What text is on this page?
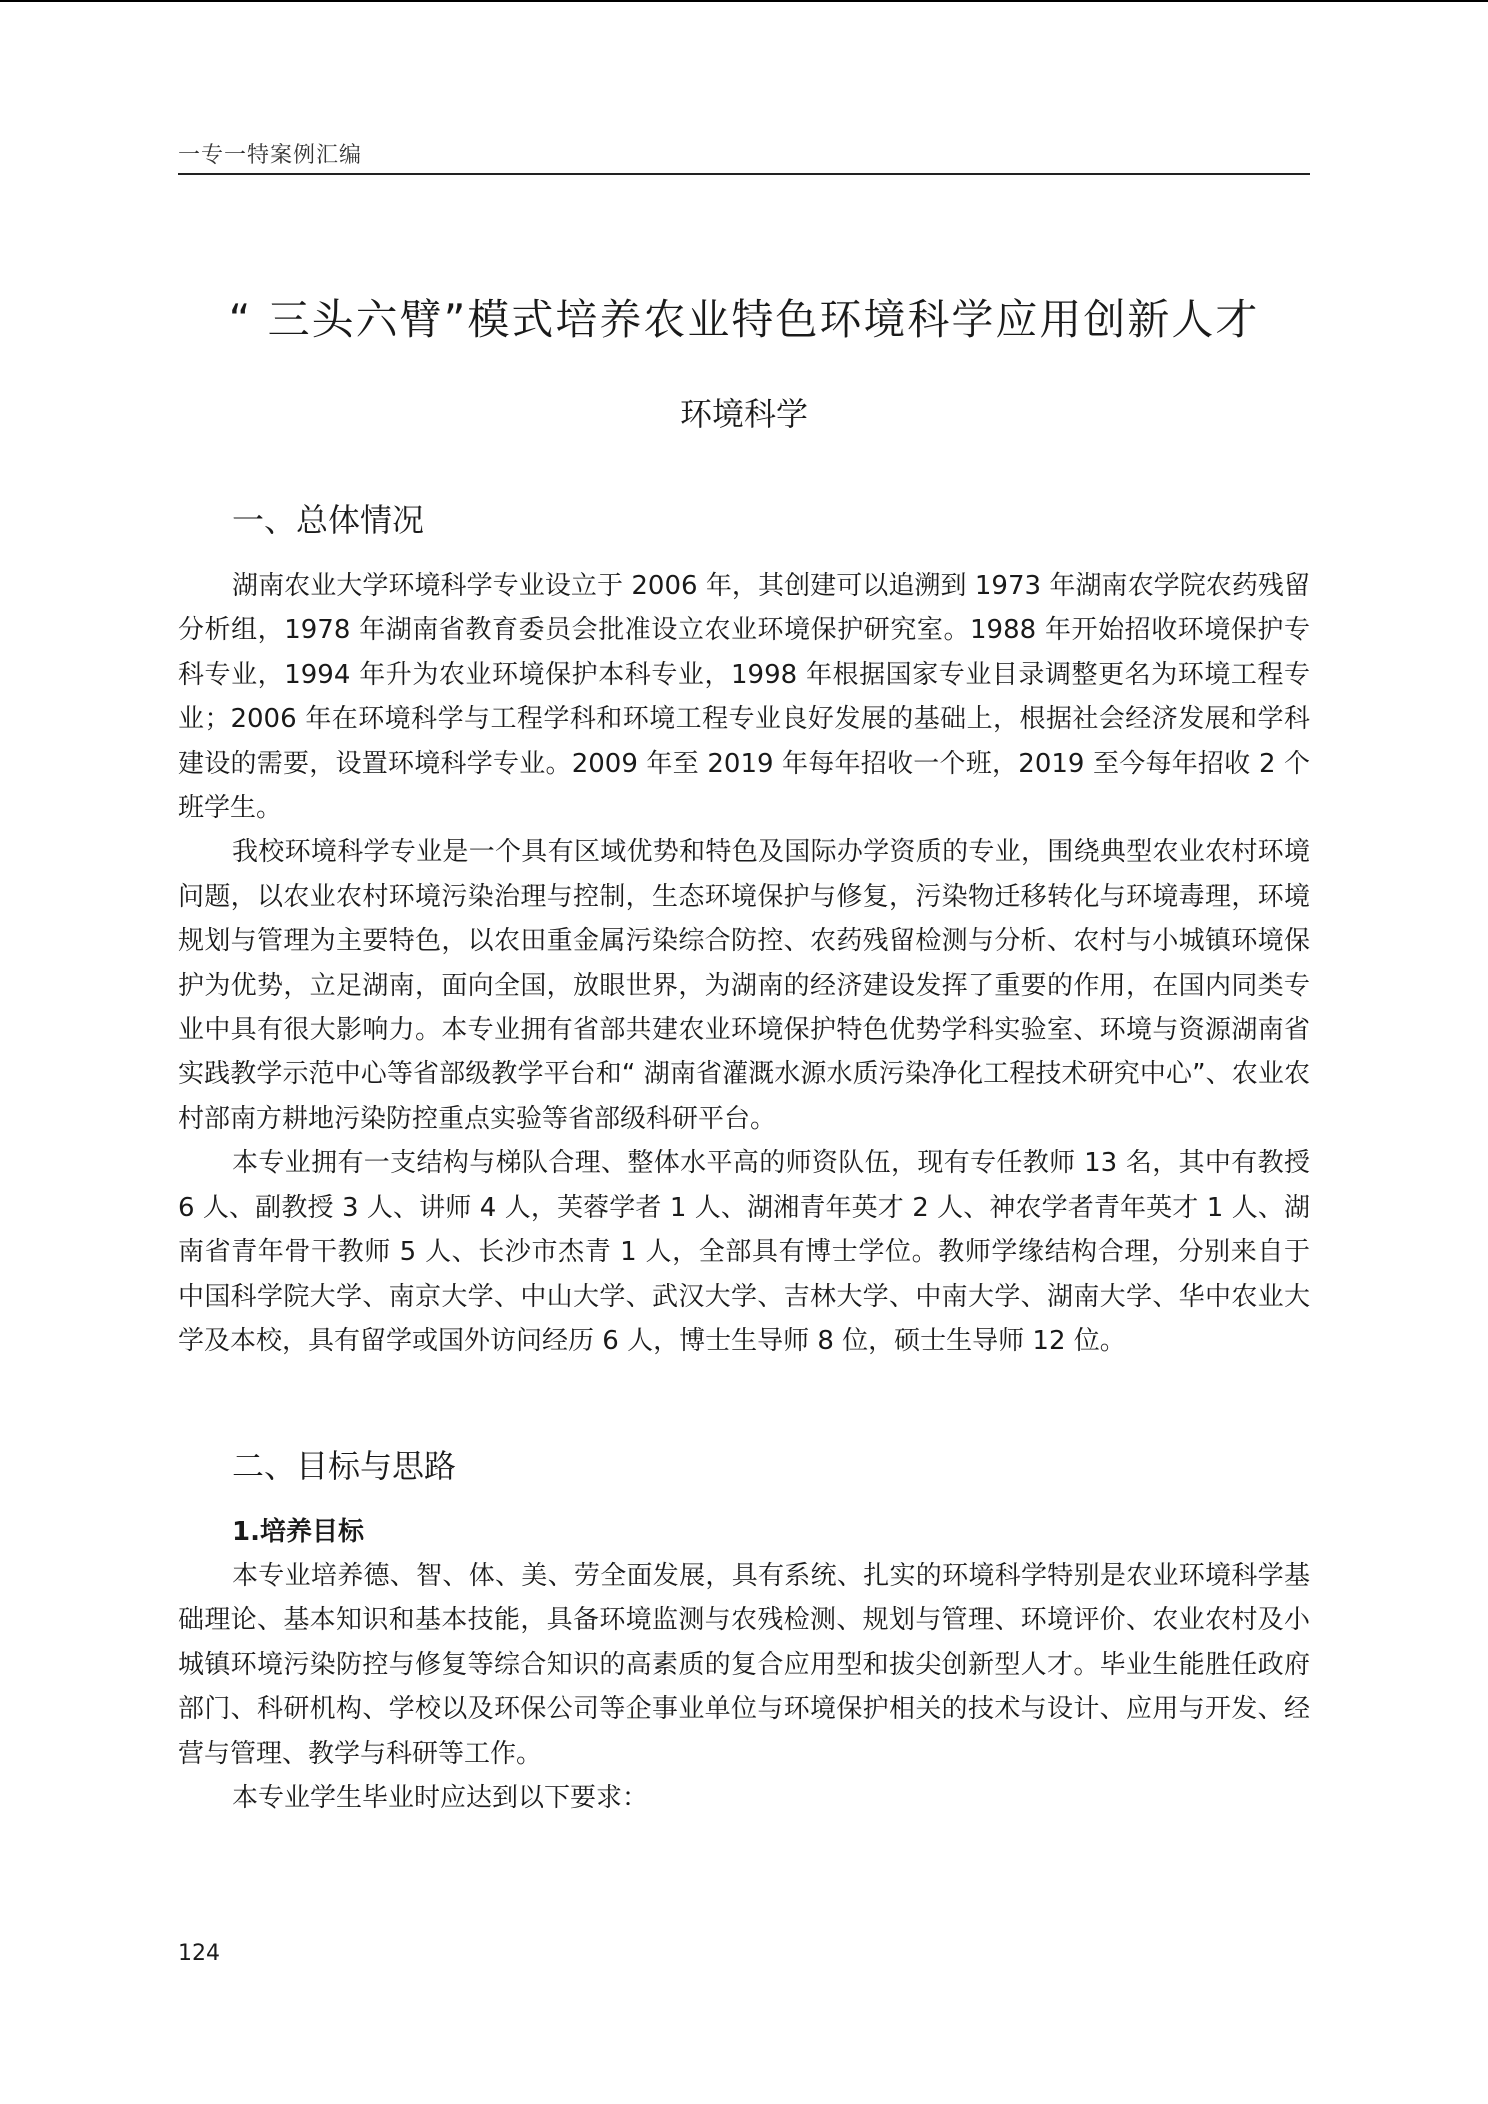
一专一特案例汇编
“ 三头六臂”模式培养农业特色环境科学应用创新人才
环境科学
一、总体情况

湖南农业大学环境科学专业设立于 2006 年，其创建可以追溯到 1973 年湖南农学院农药残留分析组，1978 年湖南省教育委员会批准设立农业环境保护研究室。1988 年开始招收环境保护专科专业，1994 年升为农业环境保护本科专业，1998 年根据国家专业目录调整更名为环境工程专业；2006 年在环境科学与工程学科和环境工程专业良好发展的基础上，根据社会经济发展和学科建设的需要，设置环境科学专业。2009 年至 2019 年每年招收一个班，2019 至今每年招收 2 个班学生。

我校环境科学专业是一个具有区域优势和特色及国际办学资质的专业，围绕典型农业农村环境问题，以农业农村环境污染治理与控制，生态环境保护与修复，污染物迁移转化与环境毒理，环境规划与管理为主要特色，以农田重金属污染综合防控、农药残留检测与分析、农村与小城镇环境保护为优势，立足湖南，面向全国，放眼世界，为湖南的经济建设发挥了重要的作用，在国内同类专业中具有很大影响力。本专业拥有省部共建农业环境保护特色优势学科实验室、环境与资源湖南省实践教学示范中心等省部级教学平台和“ 湖南省灌溉水源水质污染净化工程技术研究中心”、农业农村部南方耕地污染防控重点实验等省部级科研平台。

本专业拥有一支结构与梯队合理、整体水平高的师资队伍，现有专任教师 13 名，其中有教授 6 人、副教授 3 人、讲师 4 人，芙蓉学者 1 人、湖湘青年英才 2 人、神农学者青年英才 1 人、湖南省青年骨干教师 5 人、长沙市杰青 1 人，全部具有博士学位。教师学缘结构合理，分别来自于中国科学院大学、南京大学、中山大学、武汉大学、吉林大学、中南大学、湖南大学、华中农业大学及本校，具有留学或国外访问经历 6 人，博士生导师 8 位，硕士生导师 12 位。

二、目标与思路
1.培养目标

本专业培养德、智、体、美、劳全面发展，具有系统、扎实的环境科学特别是农业环境科学基础理论、基本知识和基本技能，具备环境监测与农残检测、规划与管理、环境评价、农业农村及小城镇环境污染防控与修复等综合知识的高素质的复合应用型和拔尖创新型人才。毕业生能胜任政府部门、科研机构、学校以及环保公司等企事业单位与环境保护相关的技术与设计、应用与开发、经营与管理、教学与科研等工作。

本专业学生毕业时应达到以下要求：

124
